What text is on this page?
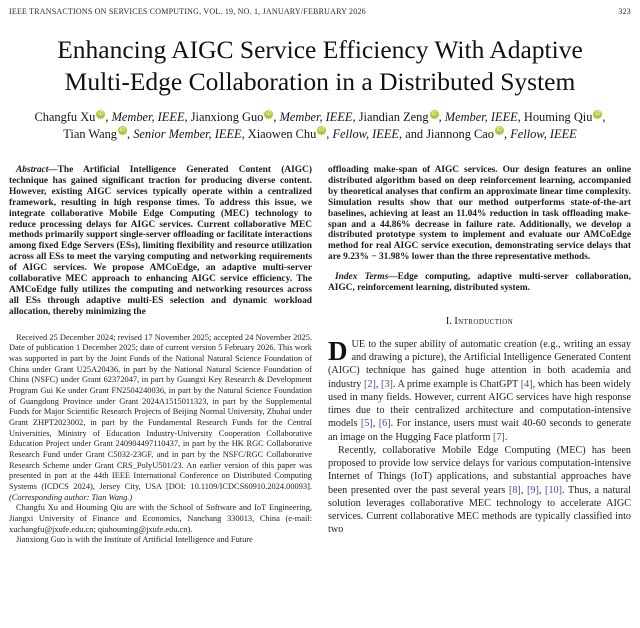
IEEE TRANSACTIONS ON SERVICES COMPUTING, VOL. 19, NO. 1, JANUARY/FEBRUARY 2026	323
Enhancing AIGC Service Efficiency With Adaptive
Multi-Edge Collaboration in a Distributed System
Changfu Xu iD , Member, IEEE, Jianxiong Guo iD , Member, IEEE, Jiandian Zeng iD , Member, IEEE, Houming Qiu iD ,
Tian Wang iD , Senior Member, IEEE, Xiaowen Chu iD , Fellow, IEEE, and Jiannong Cao iD , Fellow, IEEE

Abstract—The Artificial Intelligence Generated Content (AIGC) technique has gained significant traction for producing diverse content. However, existing AIGC services typically operate within a centralized framework, resulting in high response times. To address this issue, we integrate collaborative Mobile Edge Computing (MEC) technology to reduce processing delays for AIGC services. Current collaborative MEC methods primarily support single-server offloading or facilitate interactions among fixed Edge Servers (ESs), limiting flexibility and resource utilization across all ESs to meet the varying computing and networking requirements of AIGC services. We propose AMCoEdge, an adaptive multi-server collaborative MEC approach to enhancing AIGC service efficiency. The AMCoEdge fully utilizes the computing and networking resources across all ESs through adaptive multi-ES selection and dynamic workload allocation, thereby minimizing the

Received 25 December 2024; revised 17 November 2025; accepted 24 November 2025. Date of publication 1 December 2025; date of current version 5 February 2026. This work was supported in part by the Joint Funds of the National Natural Science Foundation of China under Grant U25A20436, in part by the National Natural Science Foundation of China (NSFC) under Grant 62372047, in part by Guangxi Key Research & Development Program Gui Ke under Grant FN2504240036, in part by the Natural Science Foundation of Guangdong Province under Grant 2024A1515011323, in part by the Supplemental Funds for Major Scientific Research Projects of Beijing Normal University, Zhuhai under Grant ZHPT2023002, in part by the Fundamental Research Funds for the Central Universities, Ministry of Education Industry-University Cooperation Collaborative Education Project under Grant 240904497110437, in part by the HK RGC Collaborative Research Fund under Grant C5032-23GF, and in part by the NSFC/RGC Collaborative Research Scheme under Grant CRS_PolyU501/23. An earlier version of this paper was presented in part at the 44th IEEE International Conference on Distributed Computing Systems (ICDCS 2024), Jersey City, USA [DOI: 10.1109/ICDCS60910.2024.00093]. (Corresponding author: Tian Wang.)

Changfu Xu and Houming Qiu are with the School of Software and IoT Engineering, Jiangxi University of Finance and Economics, Nanchang 330013, China (e-mail: xuchangfu@jxufe.edu.cn; qiuhouming@jxufe.edu.cn).

Jianxiong Guo is with the Institute of Artificial Intelligence and Future

offloading make-span of AIGC services. Our design features an online distributed algorithm based on deep reinforcement learning, accompanied by theoretical analyses that confirm an approximate linear time complexity. Simulation results show that our method outperforms state-of-the-art baselines, achieving at least an 11.04% reduction in task offloading make-span and a 44.86% decrease in failure rate. Additionally, we develop a distributed prototype system to implement and evaluate our AMCoEdge method for real AIGC service execution, demonstrating service delays that are 9.23% − 31.98% lower than the three representative methods.

Index Terms—Edge computing, adaptive multi-server collaboration, AIGC, reinforcement learning, distributed system.

I. Introduction

DUE to the super ability of automatic creation (e.g., writing an essay and drawing a picture), the Artificial Intelligence Generated Content (AIGC) technique has gained huge attention in both academia and industry [2], [3]. A prime example is ChatGPT [4], which has been widely used in many fields. However, current AIGC services have high response times due to their centralized architecture and computation-intensive models [5], [6]. For instance, users must wait 40-60 seconds to generate an image on the Hugging Face platform [7].

Recently, collaborative Mobile Edge Computing (MEC) has been proposed to provide low service delays for various computation-intensive Internet of Things (IoT) applications, and substantial approaches have been presented over the past several years [8], [9], [10]. Thus, a natural solution leverages collaborative MEC technology to accelerate AIGC services. Current collaborative MEC methods are typically classified into two
